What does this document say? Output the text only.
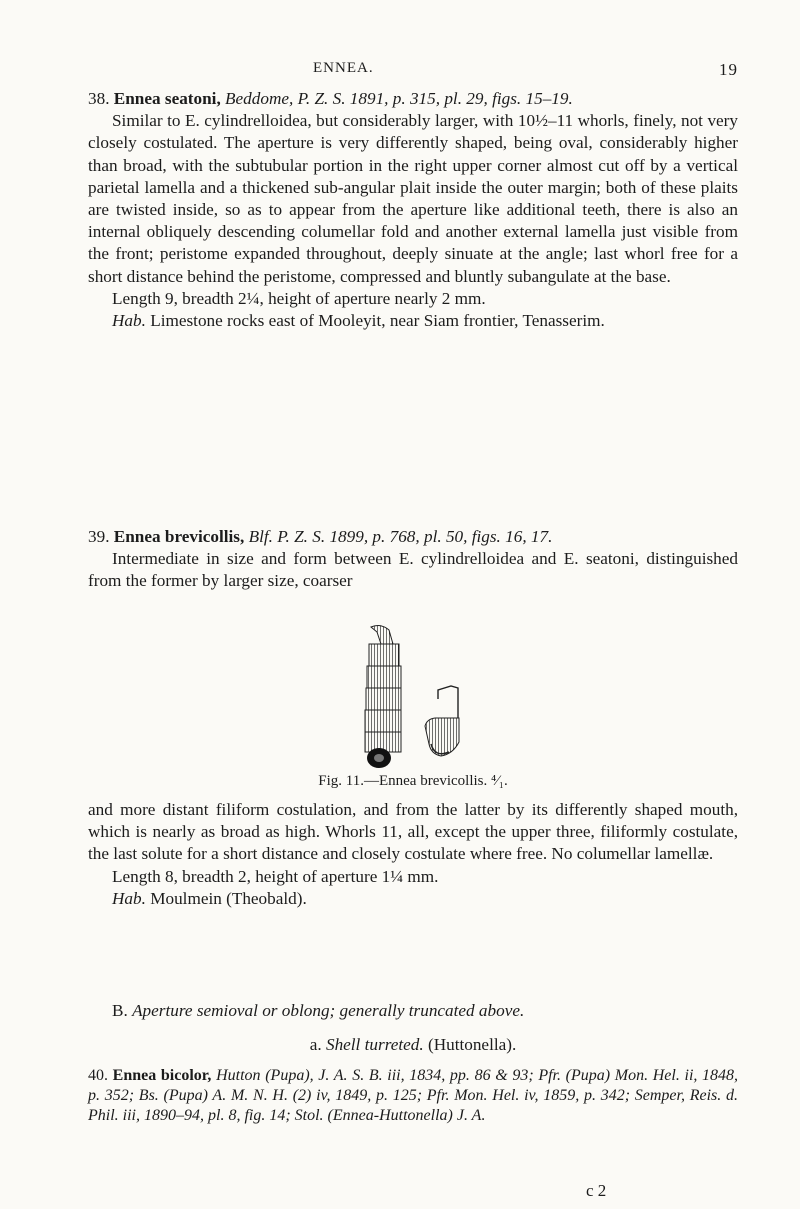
ENNEA.	19

38. Ennea seatoni, Beddome, P. Z. S. 1891, p. 315, pl. 29, figs. 15–19.

Similar to E. cylindrelloidea, but considerably larger, with 10½–11 whorls, finely, not very closely costulated. The aperture is very differently shaped, being oval, considerably higher than broad, with the subtubular portion in the right upper corner almost cut off by a vertical parietal lamella and a thickened sub-angular plait inside the outer margin; both of these plaits are twisted inside, so as to appear from the aperture like additional teeth, there is also an internal obliquely descending columellar fold and another external lamella just visible from the front; peristome expanded throughout, deeply sinuate at the angle; last whorl free for a short distance behind the peristome, compressed and bluntly subangulate at the base.

Length 9, breadth 2¼, height of aperture nearly 2 mm.

Hab. Limestone rocks east of Mooleyit, near Siam frontier, Tenasserim.

39. Ennea brevicollis, Blf. P. Z. S. 1899, p. 768, pl. 50, figs. 16, 17.

Intermediate in size and form between E. cylindrelloidea and E. seatoni, distinguished from the former by larger size, coarser

Fig. 11.—Ennea brevicollis. ⁴⁄₁.

and more distant filiform costulation, and from the latter by its differently shaped mouth, which is nearly as broad as high. Whorls 11, all, except the upper three, filiformly costulate, the last solute for a short distance and closely costulate where free. No columellar lamellæ.

Length 8, breadth 2, height of aperture 1¼ mm.

Hab. Moulmein (Theobald).

B. Aperture semioval or oblong; generally truncated above.

a. Shell turreted. (Huttonella).

40. Ennea bicolor, Hutton (Pupa), J. A. S. B. iii, 1834, pp. 86 & 93; Pfr. (Pupa) Mon. Hel. ii, 1848, p. 352; Bs. (Pupa) A. M. N. H. (2) iv, 1849, p. 125; Pfr. Mon. Hel. iv, 1859, p. 342; Semper, Reis. d. Phil. iii, 1890–94, pl. 8, fig. 14; Stol. (Ennea-Huttonella) J. A.

c 2
